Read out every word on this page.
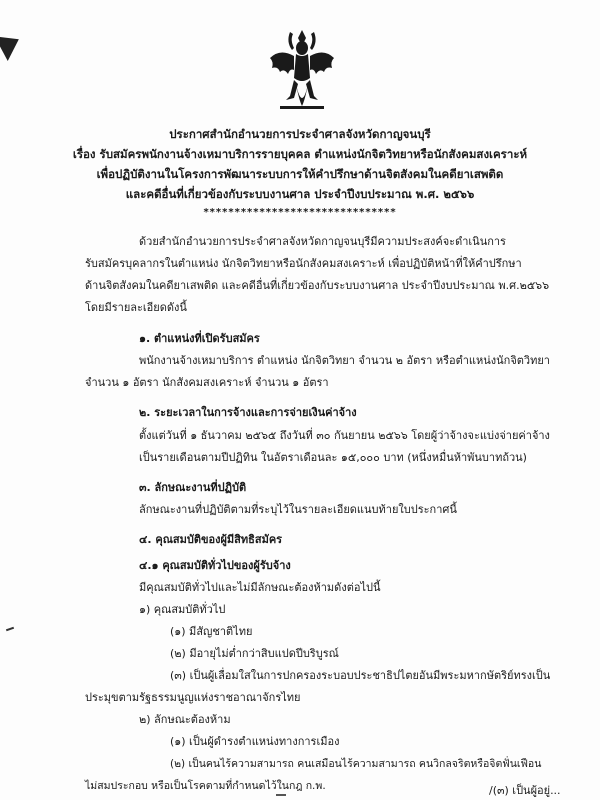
ประกาศสำนักอำนวยการประจำศาลจังหวัดกาญจนบุรี
เรื่อง รับสมัครพนักงานจ้างเหมาบริการรายบุคคล ตำแหน่งนักจิตวิทยาหรือนักสังคมสงเคราะห์
เพื่อปฏิบัติงานในโครงการพัฒนาระบบการให้คำปรึกษาด้านจิตสังคมในคดียาเสพติด
และคดีอื่นที่เกี่ยวข้องกับระบบงานศาล ประจำปีงบประมาณ พ.ศ. ๒๕๖๖
*******************************
ด้วยสำนักอำนวยการประจำศาลจังหวัดกาญจนบุรีมีความประสงค์จะดำเนินการ
รับสมัครบุคลากรในตำแหน่ง นักจิตวิทยาหรือนักสังคมสงเคราะห์ เพื่อปฏิบัติหน้าที่ให้คำปรึกษา
ด้านจิตสังคมในคดียาเสพติด และคดีอื่นที่เกี่ยวข้องกับระบบงานศาล ประจำปีงบประมาณ พ.ศ.๒๕๖๖
โดยมีรายละเอียดดังนี้
๑. ตำแหน่งที่เปิดรับสมัคร
พนักงานจ้างเหมาบริการ ตำแหน่ง นักจิตวิทยา จำนวน ๒ อัตรา หรือตำแหน่งนักจิตวิทยา
จำนวน ๑ อัตรา นักสังคมสงเคราะห์ จำนวน ๑ อัตรา
๒. ระยะเวลาในการจ้างและการจ่ายเงินค่าจ้าง
ตั้งแต่วันที่ ๑ ธันวาคม ๒๕๖๕ ถึงวันที่ ๓๐ กันยายน ๒๕๖๖ โดยผู้ว่าจ้างจะแบ่งจ่ายค่าจ้าง
เป็นรายเดือนตามปีปฏิทิน ในอัตราเดือนละ ๑๕,๐๐๐ บาท (หนึ่งหมื่นห้าพันบาทถ้วน)
๓. ลักษณะงานที่ปฏิบัติ
ลักษณะงานที่ปฏิบัติตามที่ระบุไว้ในรายละเอียดแนบท้ายใบประกาศนี้
๔. คุณสมบัติของผู้มีสิทธิสมัคร
๔.๑ คุณสมบัติทั่วไปของผู้รับจ้าง
มีคุณสมบัติทั่วไปและไม่มีลักษณะต้องห้ามดังต่อไปนี้
๑) คุณสมบัติทั่วไป
(๑) มีสัญชาติไทย
(๒) มีอายุไม่ต่ำกว่าสิบแปดปีบริบูรณ์
(๓) เป็นผู้เลื่อมใสในการปกครองระบอบประชาธิปไตยอันมีพระมหากษัตริย์ทรงเป็น
ประมุขตามรัฐธรรมนูญแห่งราชอาณาจักรไทย
๒) ลักษณะต้องห้าม
(๑) เป็นผู้ดำรงตำแหน่งทางการเมือง
(๒) เป็นคนไร้ความสามารถ คนเสมือนไร้ความสามารถ คนวิกลจริตหรือจิตฟั่นเฟือน
ไม่สมประกอบ หรือเป็นโรคตามที่กำหนดไว้ในกฎ ก.พ.	/(๓) เป็นผู้อยู่...
